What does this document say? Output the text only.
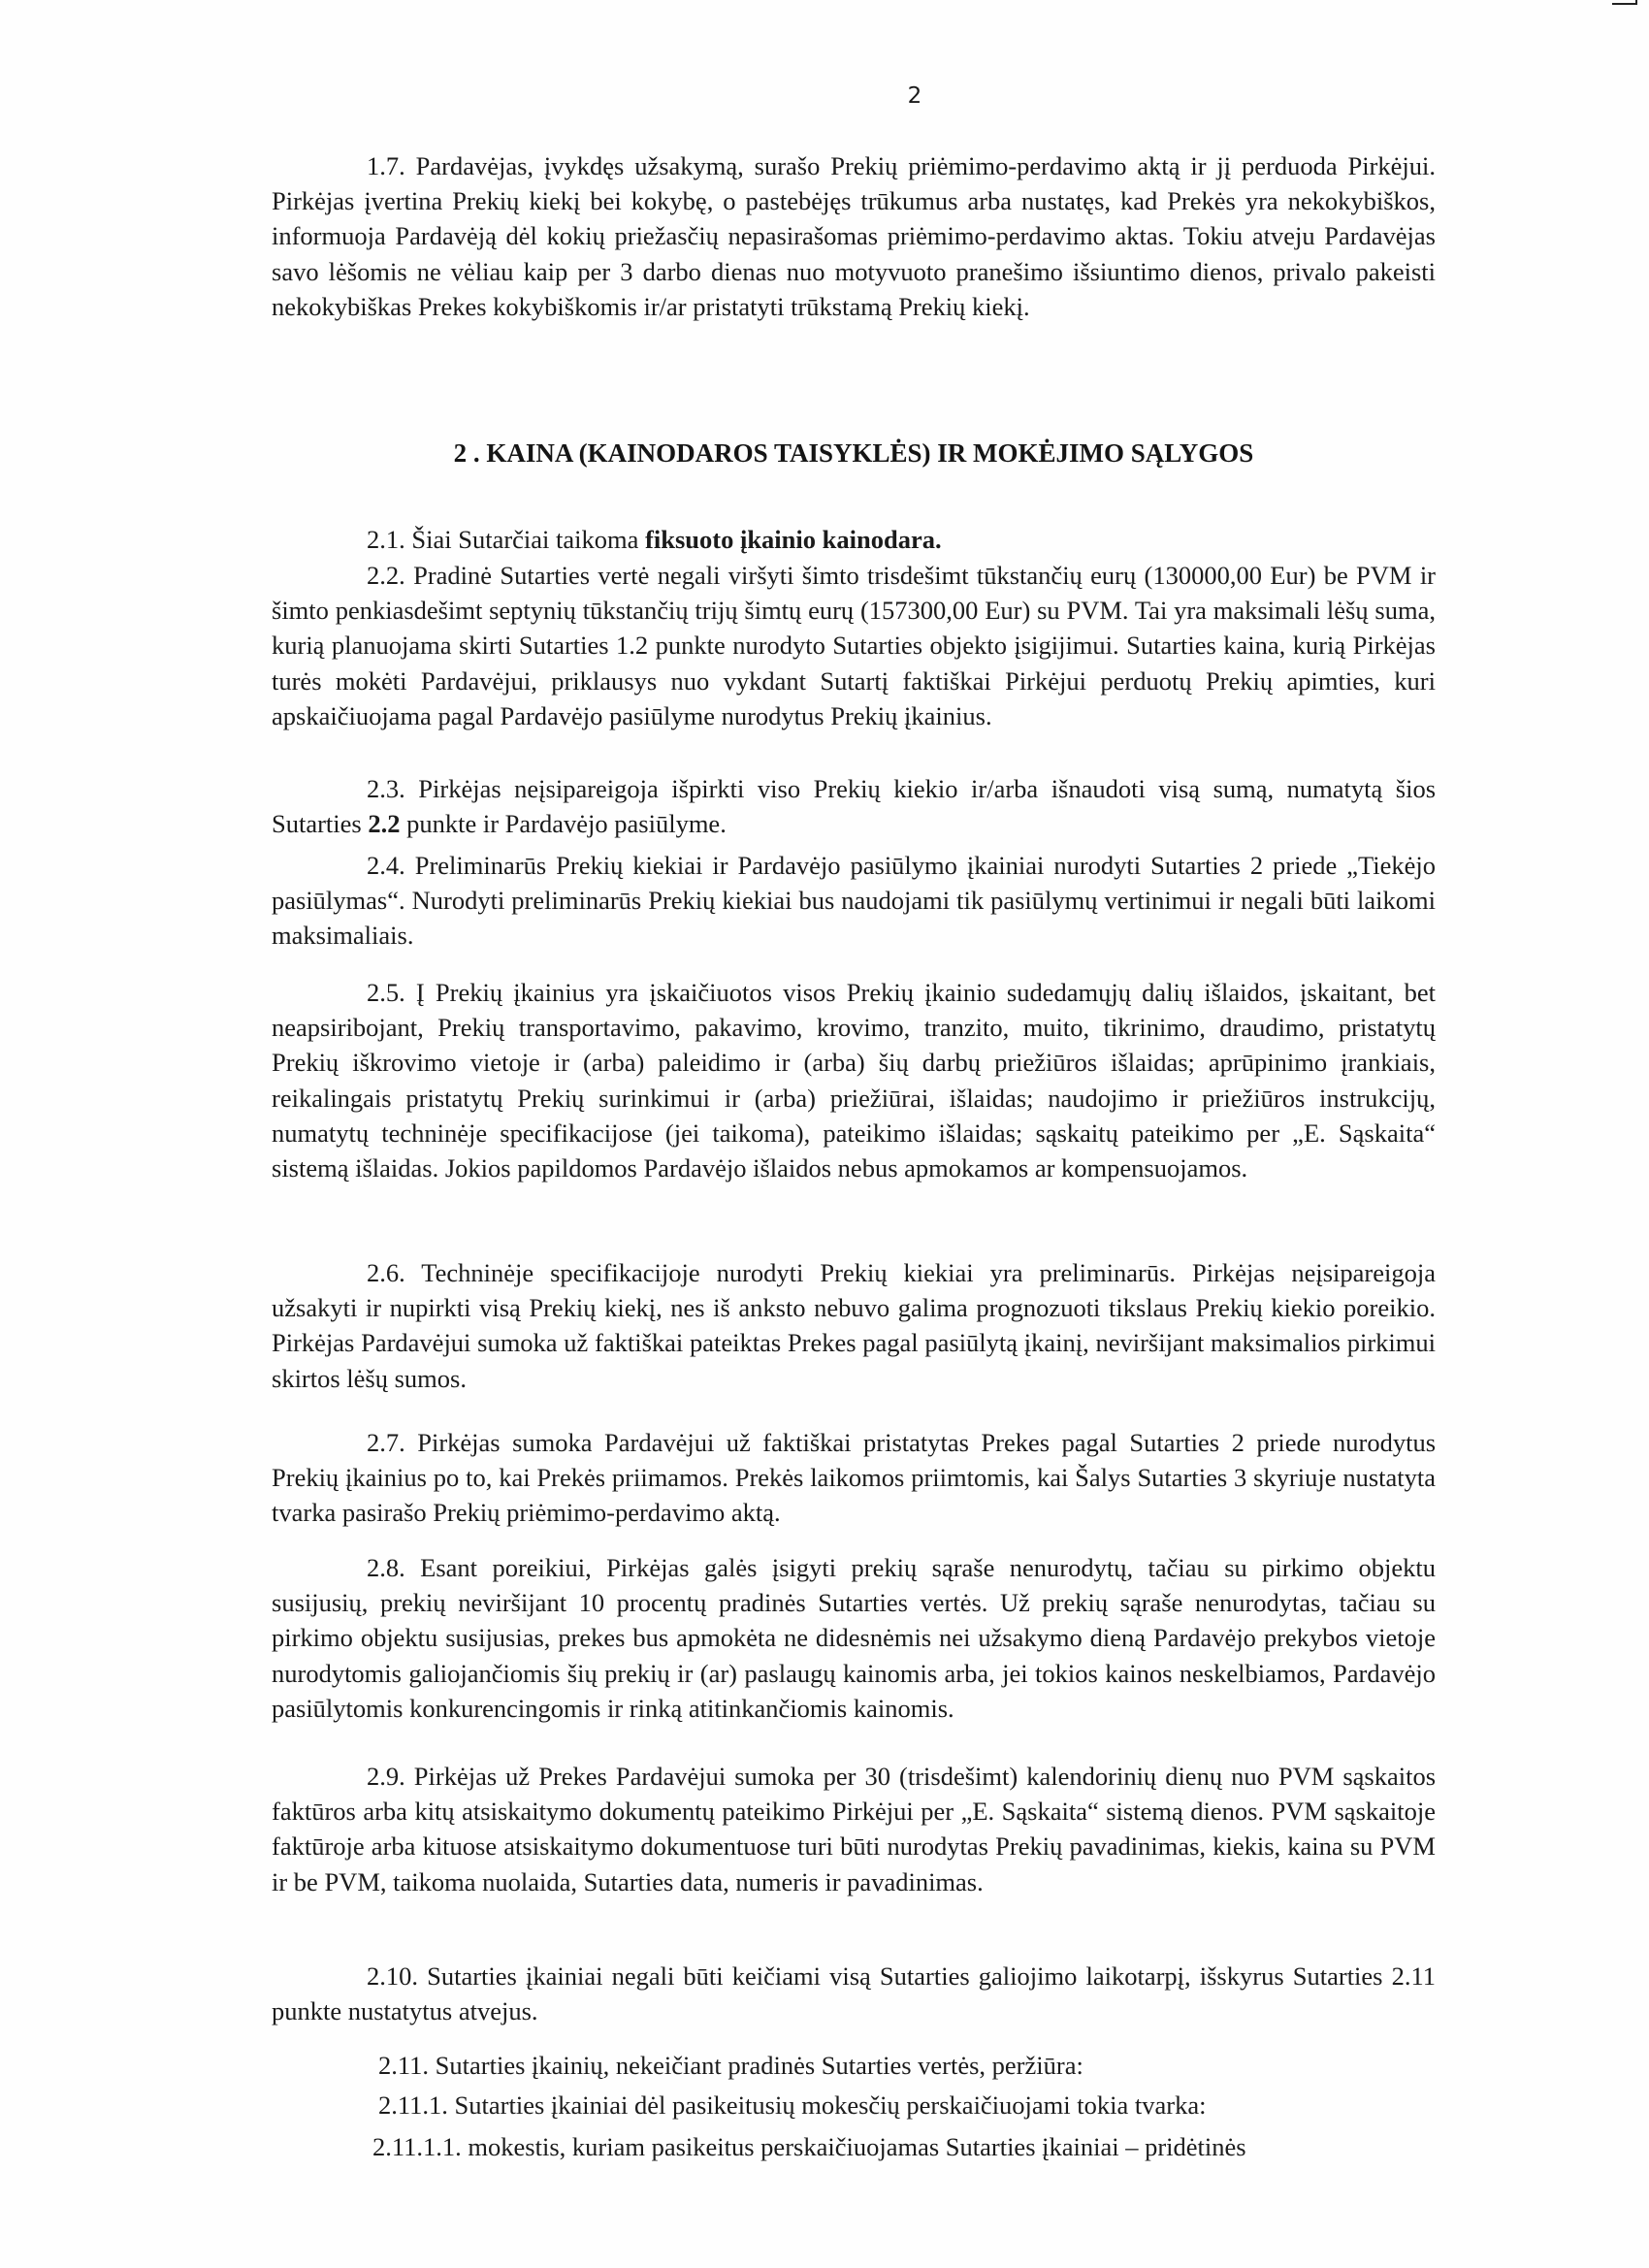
2

1.7. Pardavėjas, įvykdęs užsakymą, surašo Prekių priėmimo-perdavimo aktą ir jį perduoda Pirkėjui. Pirkėjas įvertina Prekių kiekį bei kokybę, o pastebėjęs trūkumus arba nustatęs, kad Prekės yra nekokybiškos, informuoja Pardavėją dėl kokių priežasčių nepasirašomas priėmimo-perdavimo aktas. Tokiu atveju Pardavėjas savo lėšomis ne vėliau kaip per 3 darbo dienas nuo motyvuoto pranešimo išsiuntimo dienos, privalo pakeisti nekokybiškas Prekes kokybiškomis ir/ar pristatyti trūkstamą Prekių kiekį.

2 . KAINA (KAINODAROS TAISYKLĖS) IR MOKĖJIMO SĄLYGOS

2.1. Šiai Sutarčiai taikoma fiksuoto įkainio kainodara.

2.2. Pradinė Sutarties vertė negali viršyti šimto trisdešimt tūkstančių eurų (130000,00 Eur) be PVM ir šimto penkiasdešimt septynių tūkstančių trijų šimtų eurų (157300,00 Eur) su PVM. Tai yra maksimali lėšų suma, kurią planuojama skirti Sutarties 1.2 punkte nurodyto Sutarties objekto įsigijimui. Sutarties kaina, kurią Pirkėjas turės mokėti Pardavėjui, priklausys nuo vykdant Sutartį faktiškai Pirkėjui perduotų Prekių apimties, kuri apskaičiuojama pagal Pardavėjo pasiūlyme nurodytus Prekių įkainius.

2.3. Pirkėjas neįsipareigoja išpirkti viso Prekių kiekio ir/arba išnaudoti visą sumą, numatytą šios Sutarties 2.2 punkte ir Pardavėjo pasiūlyme.

2.4. Preliminarūs Prekių kiekiai ir Pardavėjo pasiūlymo įkainiai nurodyti Sutarties 2 priede „Tiekėjo pasiūlymas“. Nurodyti preliminarūs Prekių kiekiai bus naudojami tik pasiūlymų vertinimui ir negali būti laikomi maksimaliais.

2.5. Į Prekių įkainius yra įskaičiuotos visos Prekių įkainio sudedamųjų dalių išlaidos, įskaitant, bet neapsiribojant, Prekių transportavimo, pakavimo, krovimo, tranzito, muito, tikrinimo, draudimo, pristatytų Prekių iškrovimo vietoje ir (arba) paleidimo ir (arba) šių darbų priežiūros išlaidas; aprūpinimo įrankiais, reikalingais pristatytų Prekių surinkimui ir (arba) priežiūrai, išlaidas; naudojimo ir priežiūros instrukcijų, numatytų techninėje specifikacijose (jei taikoma), pateikimo išlaidas; sąskaitų pateikimo per „E. Sąskaita“ sistemą išlaidas. Jokios papildomos Pardavėjo išlaidos nebus apmokamos ar kompensuojamos.

2.6. Techninėje specifikacijoje nurodyti Prekių kiekiai yra preliminarūs. Pirkėjas neįsipareigoja užsakyti ir nupirkti visą Prekių kiekį, nes iš anksto nebuvo galima prognozuoti tikslaus Prekių kiekio poreikio. Pirkėjas Pardavėjui sumoka už faktiškai pateiktas Prekes pagal pasiūlytą įkainį, neviršijant maksimalios pirkimui skirtos lėšų sumos.

2.7. Pirkėjas sumoka Pardavėjui už faktiškai pristatytas Prekes pagal Sutarties 2 priede nurodytus Prekių įkainius po to, kai Prekės priimamos. Prekės laikomos priimtomis, kai Šalys Sutarties 3 skyriuje nustatyta tvarka pasirašo Prekių priėmimo-perdavimo aktą.

2.8. Esant poreikiui, Pirkėjas galės įsigyti prekių sąraše nenurodytų, tačiau su pirkimo objektu susijusių, prekių neviršijant 10 procentų pradinės Sutarties vertės. Už prekių sąraše nenurodytas, tačiau su pirkimo objektu susijusias, prekes bus apmokėta ne didesnėmis nei užsakymo dieną Pardavėjo prekybos vietoje nurodytomis galiojančiomis šių prekių ir (ar) paslaugų kainomis arba, jei tokios kainos neskelbiamos, Pardavėjo pasiūlytomis konkurencingomis ir rinką atitinkančiomis kainomis.

2.9. Pirkėjas už Prekes Pardavėjui sumoka per 30 (trisdešimt) kalendorinių dienų nuo PVM sąskaitos faktūros arba kitų atsiskaitymo dokumentų pateikimo Pirkėjui per „E. Sąskaita“ sistemą dienos. PVM sąskaitoje faktūroje arba kituose atsiskaitymo dokumentuose turi būti nurodytas Prekių pavadinimas, kiekis, kaina su PVM ir be PVM, taikoma nuolaida, Sutarties data, numeris ir pavadinimas.

2.10. Sutarties įkainiai negali būti keičiami visą Sutarties galiojimo laikotarpį, išskyrus Sutarties 2.11 punkte nustatytus atvejus.

2.11. Sutarties įkainių, nekeičiant pradinės Sutarties vertės, peržiūra:

2.11.1. Sutarties įkainiai dėl pasikeitusių mokesčių perskaičiuojami tokia tvarka:

2.11.1.1. mokestis, kuriam pasikeitus perskaičiuojamas Sutarties įkainiai – pridėtinės
